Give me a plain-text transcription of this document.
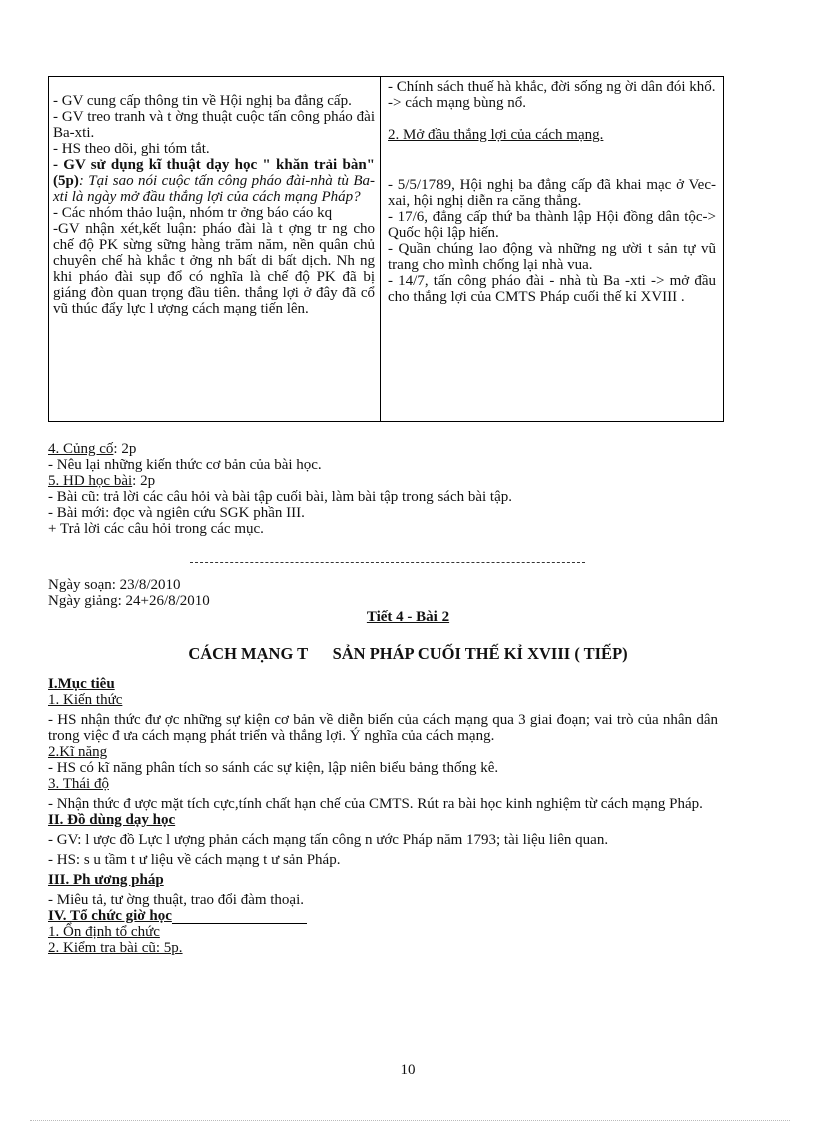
- GV cung cấp thông tin về Hội nghị ba đẳng cấp.

- GV treo tranh và t ờng thuật cuộc tấn công pháo đài Ba-xti.

- HS theo dõi, ghi tóm tắt.

- GV sử dụng kĩ thuật dạy học " khăn trải bàn" (5p): Tại sao nói cuộc tấn công pháo đài-nhà tù Ba-xti là ngày mở đầu thắng lợi của cách mạng Pháp?

- Các nhóm thảo luận, nhóm tr ởng báo cáo kq

-GV nhận xét,kết luận: pháo đài là t ợng tr ng cho chế độ PK sừng sững hàng trăm năm, nền quân chủ chuyên chế hà khắc t ởng nh bất di bất dịch. Nh ng khi pháo đài sụp đổ có nghĩa là chế độ PK đã bị giáng đòn quan trọng đầu tiên. thắng lợi ở đây đã cổ vũ thúc đẩy lực l ượng cách mạng tiến lên.

- Chính sách thuế hà khắc, đời sống ng ời dân đói khổ.

-> cách mạng bùng nổ.

2. Mở đầu thắng lợi của cách mạng.

- 5/5/1789, Hội nghị ba đẳng cấp đã khai mạc ở Vec-xai, hội nghị diễn ra căng thẳng.

- 17/6, đẳng cấp thứ ba thành lập Hội đồng dân tộc-> Quốc hội lập hiến.

- Quần chúng lao động và những ng ười t sản tự vũ trang cho mình chống lại nhà vua.

- 14/7, tấn công pháo đài - nhà tù Ba -xti -> mở đầu cho thắng lợi của CMTS Pháp cuối thế kỉ XVIII .

4. Củng cố: 2p

- Nêu lại những kiến thức cơ bản của bài học.

5. HD học bài: 2p

- Bài cũ: trả lời các câu hỏi và bài tập cuối bài, làm bài tập trong sách bài tập.

- Bài mới: đọc và ngiên cứu SGK phần III.

+ Trả lời các câu hỏi trong các mục.

Ngày soạn: 23/8/2010

Ngày giảng: 24+26/8/2010

Tiết 4 - Bài 2
CÁCH MẠNG T      SẢN PHÁP CUỐI THẾ KỈ XVIII ( TIẾP)

I.Mục tiêu

1. Kiến thức

- HS nhận thức đư ợc những sự kiện cơ bản về diễn biến của cách mạng qua 3 giai đoạn; vai trò của nhân dân trong việc đ ưa cách mạng phát triển và thắng lợi. Ý nghĩa của cách mạng.

2.Kĩ năng

- HS có kĩ năng phân tích so sánh các sự kiện, lập niên biểu bảng thống kê.

3. Thái độ

- Nhận thức đ ược mặt tích cực,tính chất hạn chế của CMTS. Rút ra bài học kinh nghiệm từ cách mạng Pháp.

II. Đồ dùng dạy học

- GV: l ược đồ Lực l ượng phản cách mạng tấn công n ước Pháp năm 1793; tài liệu liên quan.

- HS: s u tầm t ư liệu về cách mạng t ư sản Pháp.

III. Ph ương pháp

- Miêu tả, tư ờng thuật, trao đổi đàm thoại.

IV. Tổ chức giờ học

1. Ổn định tổ chức

2. Kiểm tra bài cũ: 5p.

10
